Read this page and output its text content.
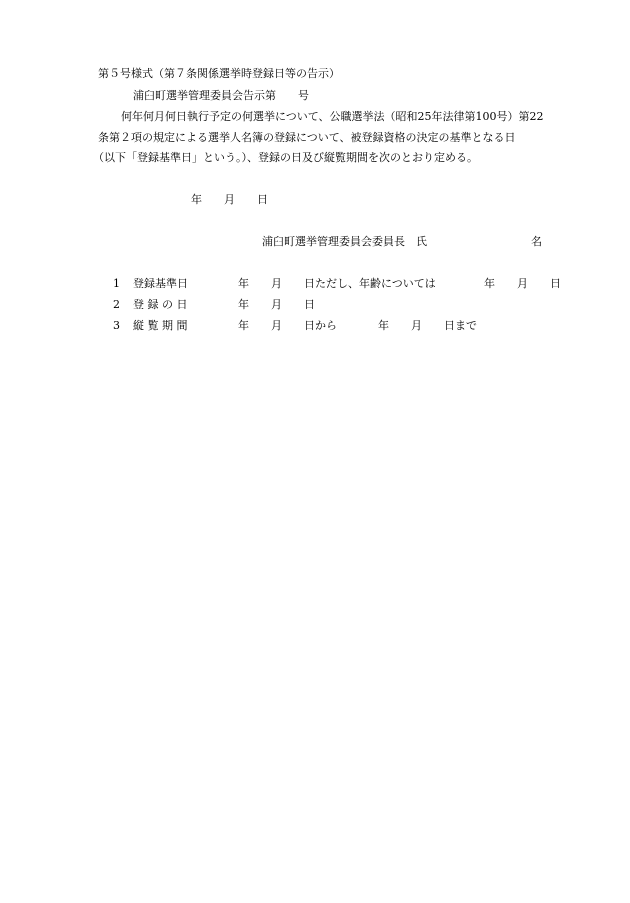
第５号様式（第７条関係選挙時登録日等の告示）
浦臼町選挙管理委員会告示第　　号
何年何月何日執行予定の何選挙について、公職選挙法（昭和25年法律第100号）第22
条第２項の規定による選挙人名簿の登録について、被登録資格の決定の基準となる日
（以下「登録基準日」という。）、登録の日及び縦覧期間を次のとおり定める。
年　　月　　日
浦臼町選挙管理委員会委員長　氏	名
1 登録基準日	年　　月　　日ただし、年齢については	年　　月　　日
2 登 録 の 日	年　　月　　日
3 縦 覧 期 間	年　　月　　日から	年　　月　　日まで
